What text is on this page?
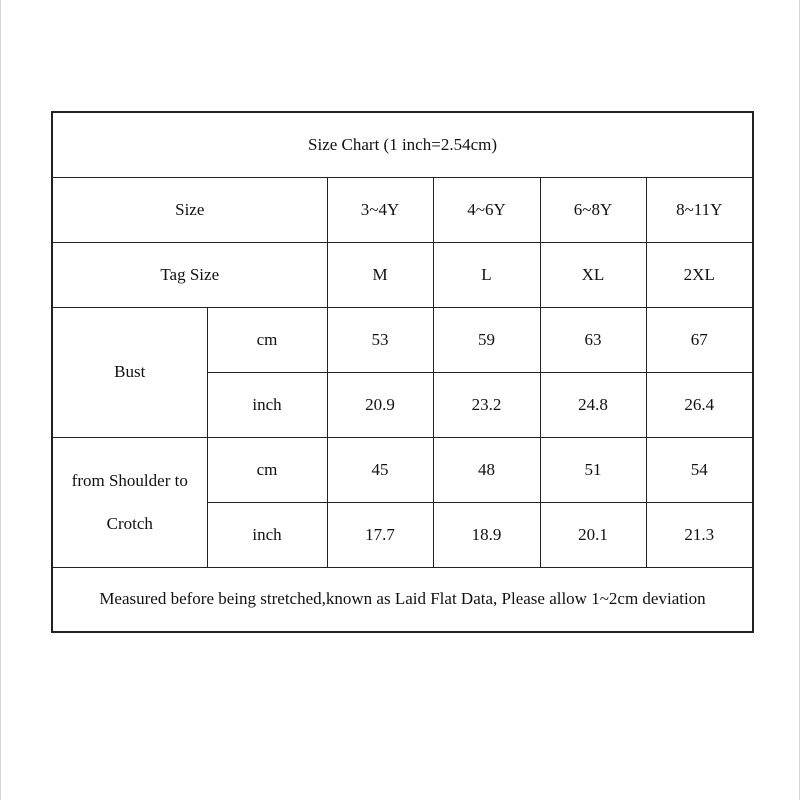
Size Chart (1 inch=2.54cm)					
Size		3~4Y	4~6Y	6~8Y	8~11Y
Tag Size		M	L	XL	2XL
Bust	cm	53	59	63	67
	inch	20.9	23.2	24.8	26.4
from Shoulder to Crotch	cm	45	48	51	54
	inch	17.7	18.9	20.1	21.3
Measured before being stretched,known as Laid Flat Data, Please allow 1~2cm deviation					
